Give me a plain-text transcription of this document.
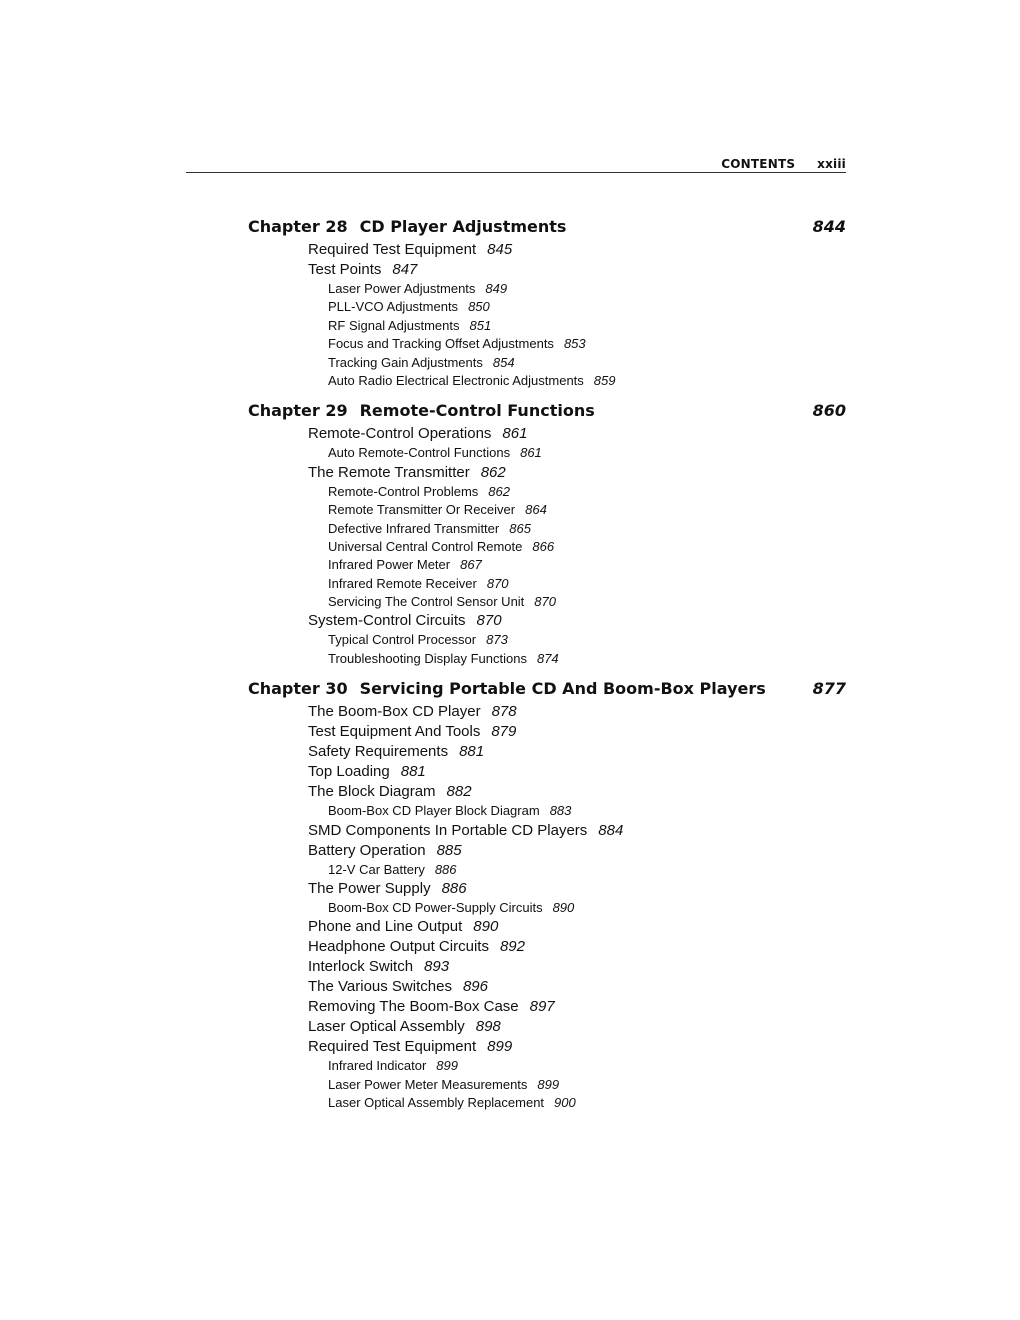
CONTENTS xxiii
Chapter 28 CD Player Adjustments	844
Required Test Equipment 845
Test Points 847
Laser Power Adjustments 849
PLL-VCO Adjustments 850
RF Signal Adjustments 851
Focus and Tracking Offset Adjustments 853
Tracking Gain Adjustments 854
Auto Radio Electrical Electronic Adjustments 859
Chapter 29 Remote-Control Functions	860
Remote-Control Operations 861
Auto Remote-Control Functions 861
The Remote Transmitter 862
Remote-Control Problems 862
Remote Transmitter Or Receiver 864
Defective Infrared Transmitter 865
Universal Central Control Remote 866
Infrared Power Meter 867
Infrared Remote Receiver 870
Servicing The Control Sensor Unit 870
System-Control Circuits 870
Typical Control Processor 873
Troubleshooting Display Functions 874
Chapter 30 Servicing Portable CD And Boom-Box Players	877
The Boom-Box CD Player 878
Test Equipment And Tools 879
Safety Requirements 881
Top Loading 881
The Block Diagram 882
Boom-Box CD Player Block Diagram 883
SMD Components In Portable CD Players 884
Battery Operation 885
12-V Car Battery 886
The Power Supply 886
Boom-Box CD Power-Supply Circuits 890
Phone and Line Output 890
Headphone Output Circuits 892
Interlock Switch 893
The Various Switches 896
Removing The Boom-Box Case 897
Laser Optical Assembly 898
Required Test Equipment 899
Infrared Indicator 899
Laser Power Meter Measurements 899
Laser Optical Assembly Replacement 900
